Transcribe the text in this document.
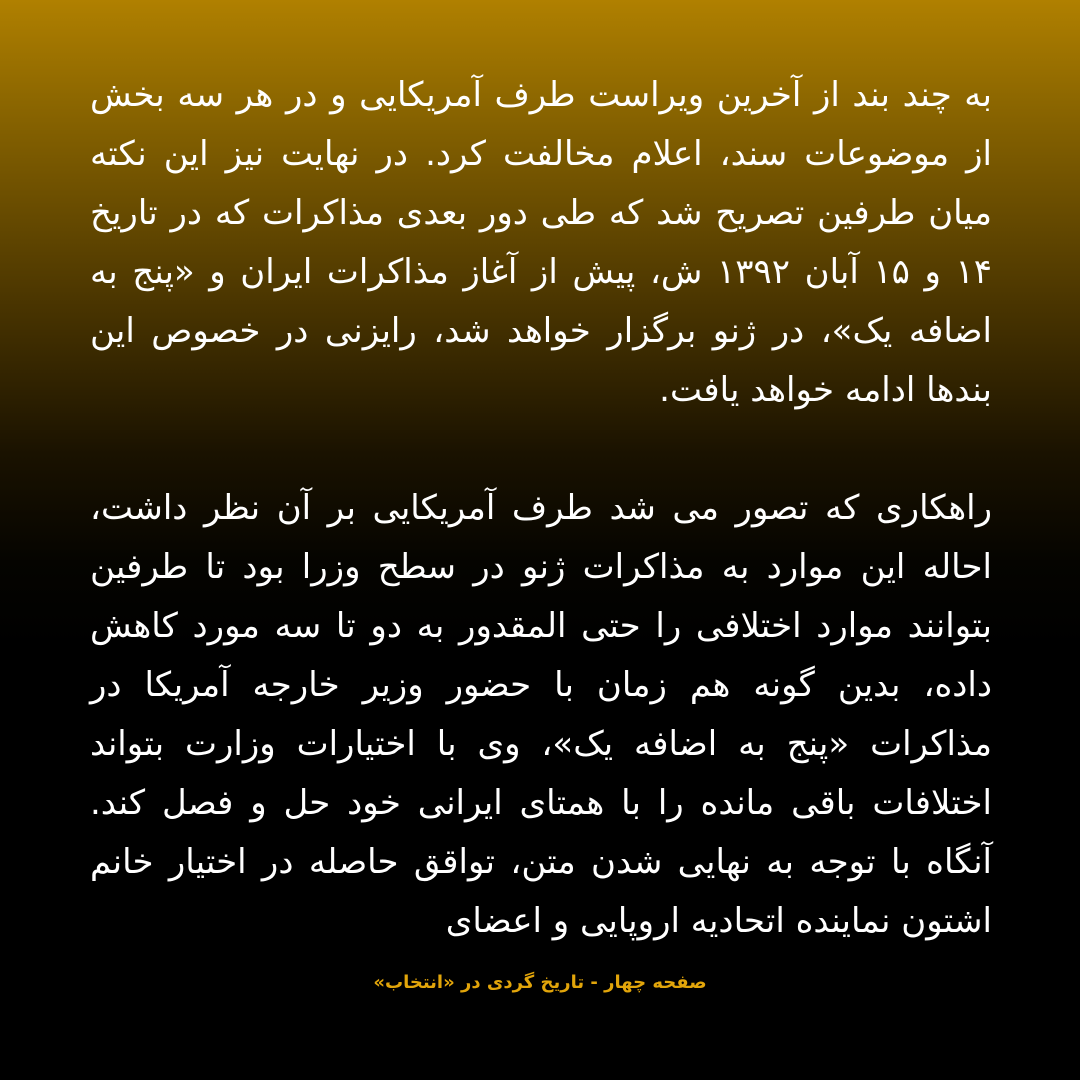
به چند بند از آخرین ویراست طرف آمریکایی و در هر سه بخش از موضوعات سند، اعلام مخالفت کرد. در نهایت نیز این نکته میان طرفین تصریح شد که طی دور بعدی مذاکرات که در تاریخ ۱۴ و ۱۵ آبان ۱۳۹۲ ش، پیش از آغاز مذاکرات ایران و «پنج به اضافه یک»، در ژنو برگزار خواهد شد، رایزنی در خصوص این بندها ادامه خواهد یافت.

راهکاری که تصور می شد طرف آمریکایی بر آن نظر داشت، احاله این موارد به مذاکرات ژنو در سطح وزرا بود تا طرفین بتوانند موارد اختلافی را حتی المقدور به دو تا سه مورد کاهش داده، بدین گونه هم زمان با حضور وزیر خارجه آمریکا در مذاکرات «پنج به اضافه یک»، وی با اختیارات وزارت بتواند اختلافات باقی مانده را با همتای ایرانی خود حل و فصل کند. آنگاه با توجه به نهایی شدن متن، تواقق حاصله در اختیار خانم اشتون نماینده اتحادیه اروپایی و اعضای

صفحه چهار - تاریخ گردی در «انتخاب»
